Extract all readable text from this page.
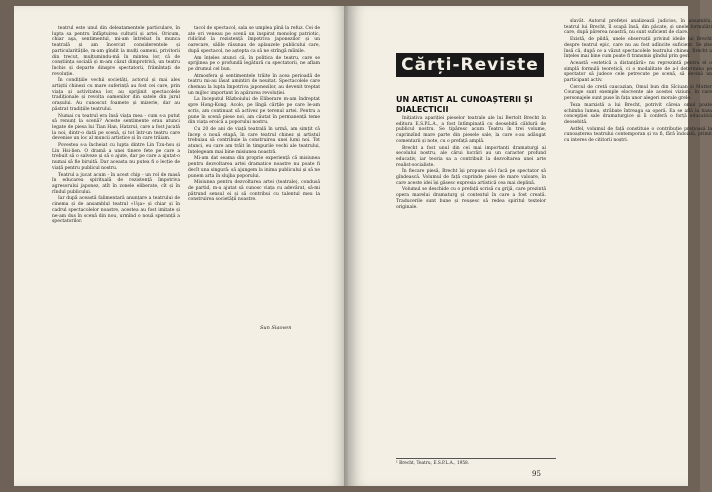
teatrul este unul din deleatamentele particulare, în lupta sa pentru înfăptuirea culturii și artei. Oricum, chiar aşa, sentimentul, mi-am întrebat în munca teatrală și am încercat considerentele și particularitățile, m-am gîndit la mulți oameni, privitorii din trecut, mulțumindu-mă în mintea lor, că de conștiința socială și m-am căzut dimprotrivă, un teatru închis și departe dinspre spectatorii, frămîntați de revoluție.

În condițiile vechii societăți, actorul și mai ales artiștii chinezi cu mare suferință au fost cei care, prin viața și activitatea lor, au sprijinit spectacolele tradiționale și revolta oamenilor din satele din jurul orașului. Au cunoscut foamete și mizerie, dar au păstrat tradițiile teatrului.

Numai cu teatrul era însă viața mea - cum s-a putut să renunț la scenă? Aceste sentimente erau atunci legate de piesa lui Tian Han, Hatzrul, care a fost jucată la noi, dintr-o dată pe scenă, și tot într-un teatru care devenise un loc al muncii artistice și în care trăiam.

Povestea s-a încheiat cu lupta dintre Lin Tzu-hsu și Lin Hsi-lien. O dramă a unei tinere fete pe care a trebuit să o salveze și să o ajute, dar pe care a ajutat-o numai să fie biruită. Dar aceasta nu putea fi o lecție de viață pentru publicul nostru.

Teatrul a jucat acum - în acest chip - un rol de masă în educarea spirituală de rezistență împotriva agresorului japonez, atît în zonele eliberate, cît și în rîndul publicului.

Iar după această falimentară anunțare a teatrului de cinema și de ansamblul teatral «Uşa» și chiar și în cadrul spectacolelor noastre, acestea au fost imitate și ne-am dus în scenă din nou, urmînd o nouă speranță a spectatorilor.

tacol de spectacol, sala se umplea pînă la refuz. Cei de ate ori veneau pe scenă un inspirat monolog patriotic, ridicînd la rezistență împotriva japonezilor și un oarecare, sălile răsunau de aplauzele publicului care, după spectacol, ne aștepta ca să ne strîngă mîinile.

Am înțeles atunci că, în politica de teatru, care se sprijinea pe o profundă legătură cu spectatorii, ne aflam pe drumul cel bun.

Atmosfera și sentimentele trăite în acea perioadă de teatru mi-au lăsat amintiri de neuitat. Spectacolele care chemau la lupta împotriva japonezilor, au devenit treptat un mijloc important în apărarea revoluției.

La începutul Războiului de Eliberare m-am îndreptat spre Hong-Kong. Acolo, pe lîngă cărțile pe care le-am scris, am continuat să activez pe terenul artei. Pentru a pune în scenă piese noi, am căutat în permanență teme din viața eroică a poporului nostru.

Cu 20 de ani de viață teatrală în urmă, am simțit că încep o nouă etapă, în care teatrul chinez și artistul trebuiau să contribuie la construirea unei lumi noi. Tot atunci, eu care am trăit în timpurile vechi ale teatrului, înțelegeam mai bine misiunea noastră.

Mi-am dat seama din proprie experiență că misiunea pentru dezvoltarea artei dramatice noastre nu poate fi decît una singură: să ajungem la inima publicului și să ne punem arta în slujba poporului.

Misiunea pentru dezvoltarea artei (teatrale), condusă de partid, m-a ajutat să cunosc viața cu adevărat, să-mi pătrund sensul ei și să contribui cu talentul meu la construirea societății noastre.

Sun Siaoven
Cărți-Reviste
UN ARTIST AL CUNOAȘTERII ȘI DIALECTICII

Inițiativa apariției pieselor teatrale ale lui Bertolt Brecht în editura E.S.P.L.A., a fost întîmpinată cu deosebită căldură de publicul nostru. Se tipăresc acum Teatru în trei volume, cuprinzînd mare parte din piesele sale, la care s-au adăugat comentarii și note, cu o prefață amplă.

Brecht a fost unul din cei mai importanți dramaturgi ai secolului nostru, ale cărui lucrări au un caracter profund educativ, iar teoria sa a contribuit la dezvoltarea unei arte realist-socialiste.

În fiecare piesă, Brecht își propune să-l facă pe spectator să gîndească. Volumul de față cuprinde piese de mare valoare, în care aceste idei își găsesc expresia artistică cea mai deplină.

Volumul se deschide cu o prefață scrisă cu grijă, care prezintă opera marelui dramaturg și contextul în care a fost creată. Traducerile sunt bune și reușesc să redea spiritul textelor originale.

¹ Brecht, Teatru, E.S.P.L.A., 1958.

slavăt. Autorul prefeței analizează judicios, în ansamblu, teatrul lui Brecht, îl scapă însă, din păcate, și unele formulări care, după părerea noastră, nu sunt suficient de clare.

Există, de pildă, unele observații privind ideile lui Brecht despre teatrul epic, care nu au fost adîncite suficient. Se știe însă că, după ce a văzut spectacolele teatrului chinez, Brecht a înțeles mai bine cum poate fi transmis gîndul prin gest.

Această «estetică a distanțării» nu reprezintă pentru el o simplă formulă teoretică, ci o modalitate de a-l determina pe spectator să judece cele petrecute pe scenă, să devină un participant activ.

Cercul de cretă caucazian, Omul bun din Sîciuan și Mutter Courage sunt exemple elocvente ale acestei viziuni, în care personajele sunt puse în fața unor alegeri morale grele.

Teza marxistă a lui Brecht, potrivit căreia omul poate schimba lumea, străbate întreaga sa operă. Ea se află la baza concepției sale dramaturgice și îi conferă o forță educativă deosebită.

Astfel, volumul de față constituie o contribuție prețioasă la cunoașterea teatrului contemporan și va fi, fără îndoială, primit cu interes de cititorii noștri.

95
